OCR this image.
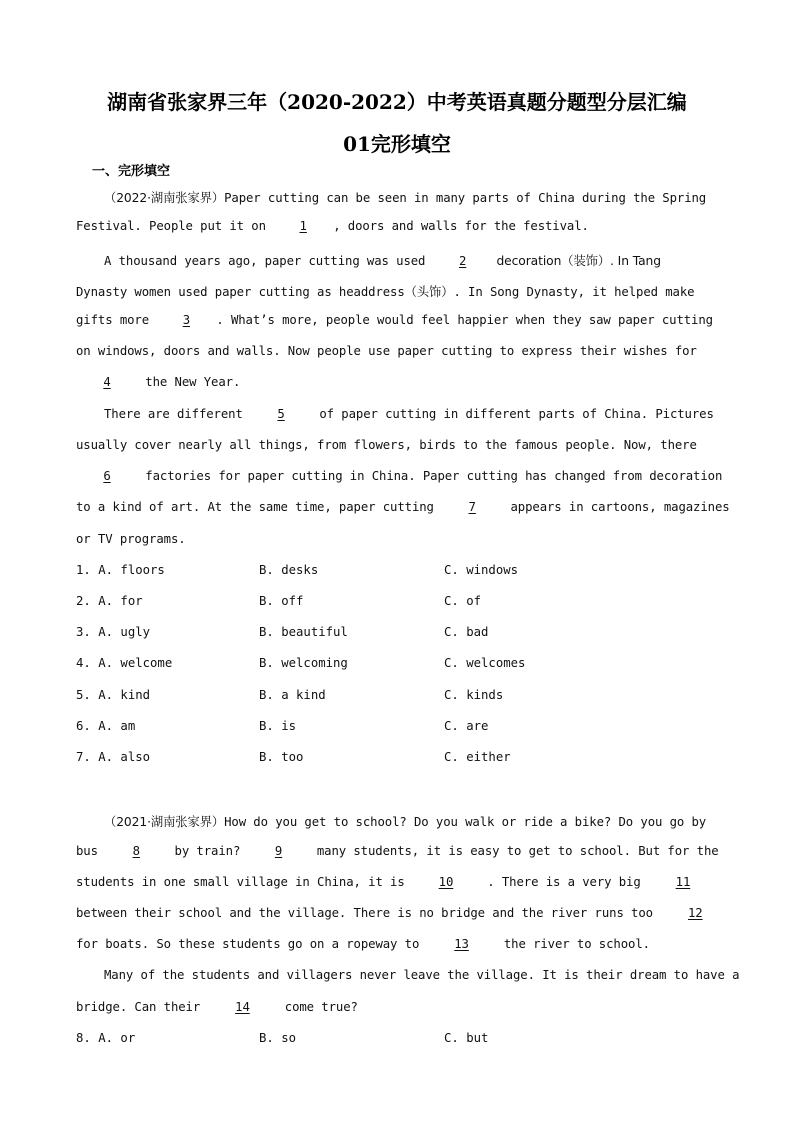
湖南省张家界三年（2020-2022）中考英语真题分题型分层汇编
01完形填空
一、完形填空
（2022·湖南张家界）Paper cutting can be seen in many parts of China during the Spring
Festival. People put it on 1 , doors and walls for the festival.
A thousand years ago, paper cutting was used 2 decoration（装饰）. In Tang
Dynasty women used paper cutting as headdress（头饰）. In Song Dynasty, it helped make
gifts more 3 . What’s more, people would feel happier when they saw paper cutting
on windows, doors and walls. Now people use paper cutting to express their wishes for
4 the New Year.
There are different 5 of paper cutting in different parts of China. Pictures
usually cover nearly all things, from flowers, birds to the famous people. Now, there
6 factories for paper cutting in China. Paper cutting has changed from decoration
to a kind of art. At the same time, paper cutting 7 appears in cartoons, magazines
or TV programs.
1. A. floors	B. desks	C. windows
2. A. for	B. off	C. of
3. A. ugly	B. beautiful	C. bad
4. A. welcome	B. welcoming	C. welcomes
5. A. kind	B. a kind	C. kinds
6. A. am	B. is	C. are
7. A. also	B. too	C. either
（2021·湖南张家界）How do you get to school? Do you walk or ride a bike? Do you go by
bus 8 by train? 9 many students, it is easy to get to school. But for the
students in one small village in China, it is 10 . There is a very big 11
between their school and the village. There is no bridge and the river runs too 12
for boats. So these students go on a ropeway to 13 the river to school.
Many of the students and villagers never leave the village. It is their dream to have a
bridge. Can their 14 come true?
8. A. or	B. so	C. but
